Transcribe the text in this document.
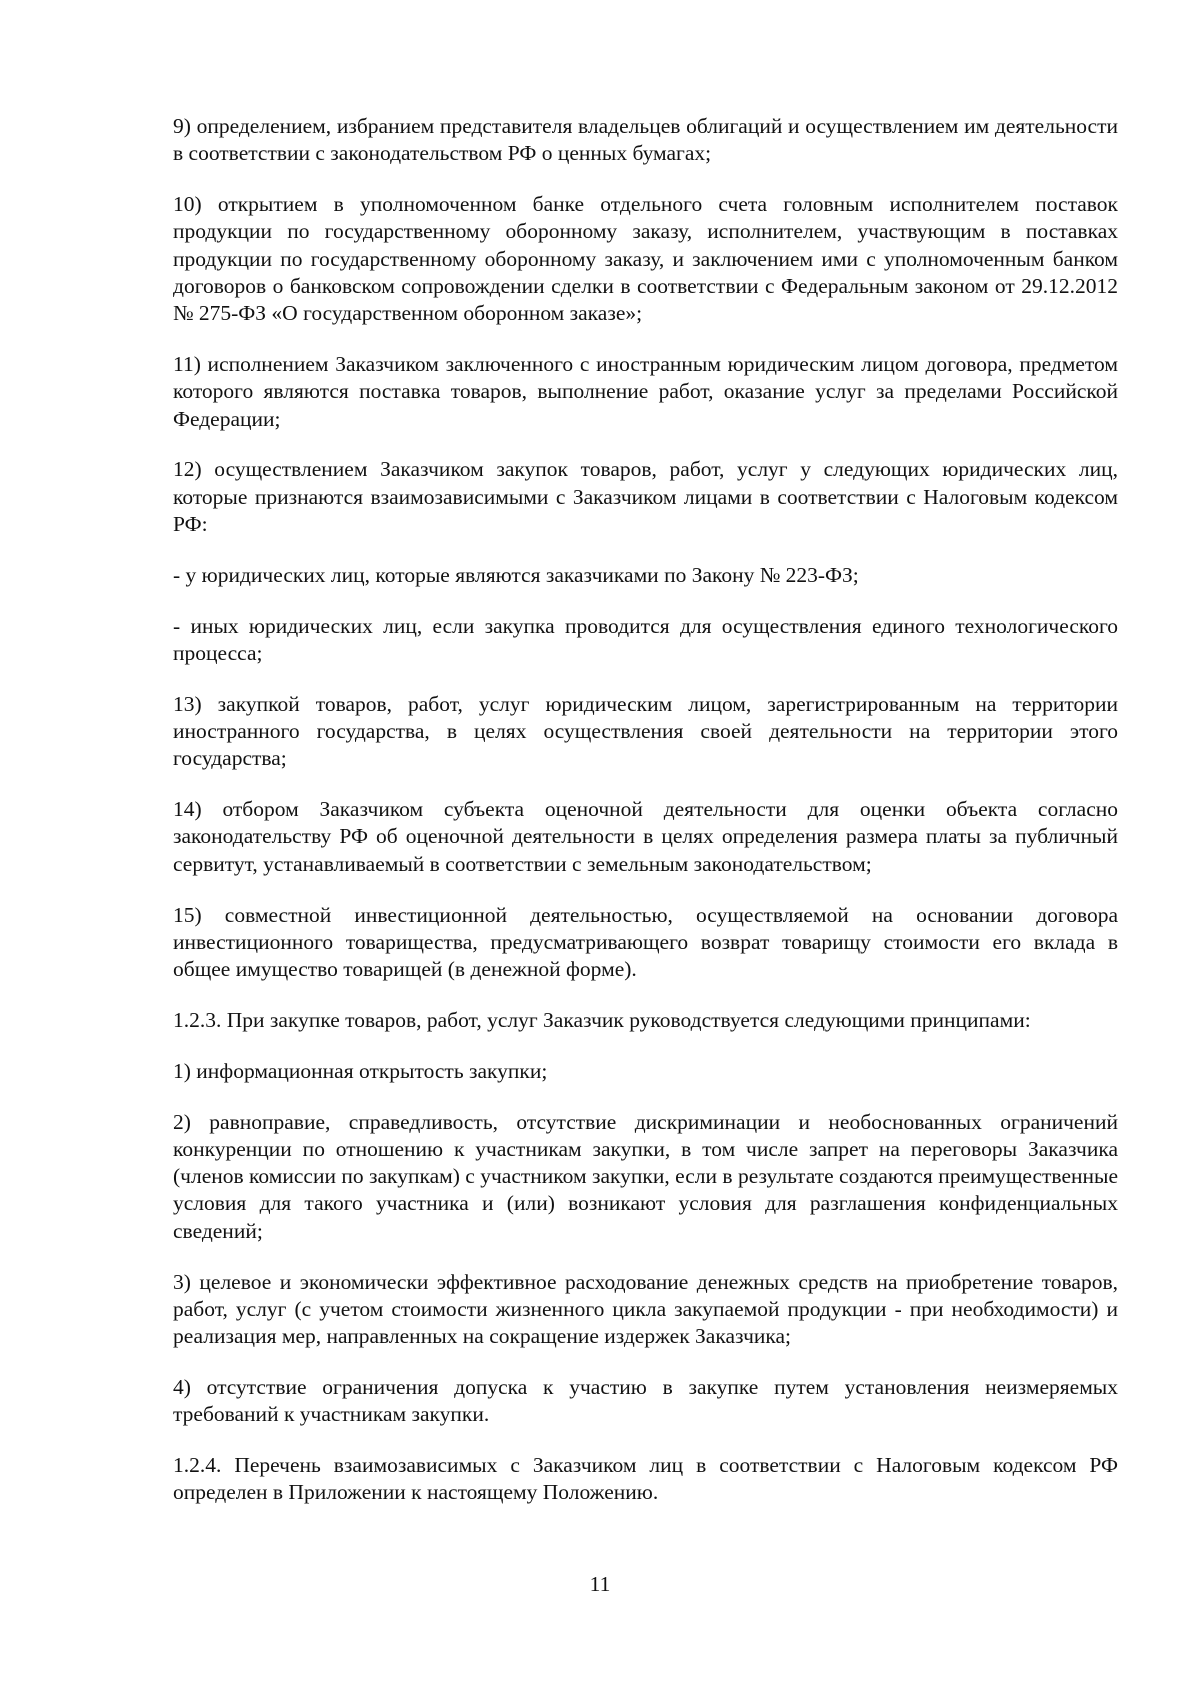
9) определением, избранием представителя владельцев облигаций и осуществлением им деятельности в соответствии с законодательством РФ о ценных бумагах;

10) открытием в уполномоченном банке отдельного счета головным исполнителем поставок продукции по государственному оборонному заказу, исполнителем, участвующим в поставках продукции по государственному оборонному заказу, и заключением ими с уполномоченным банком договоров о банковском сопровождении сделки в соответствии с Федеральным законом от 29.12.2012 № 275-ФЗ «О государственном оборонном заказе»;

11) исполнением Заказчиком заключенного с иностранным юридическим лицом договора, предметом которого являются поставка товаров, выполнение работ, оказание услуг за пределами Российской Федерации;

12) осуществлением Заказчиком закупок товаров, работ, услуг у следующих юридических лиц, которые признаются взаимозависимыми с Заказчиком лицами в соответствии с Налоговым кодексом РФ:

- у юридических лиц, которые являются заказчиками по Закону № 223-ФЗ;

- иных юридических лиц, если закупка проводится для осуществления единого технологического процесса;

13) закупкой товаров, работ, услуг юридическим лицом, зарегистрированным на территории иностранного государства, в целях осуществления своей деятельности на территории этого государства;

14) отбором Заказчиком субъекта оценочной деятельности для оценки объекта согласно законодательству РФ об оценочной деятельности в целях определения размера платы за публичный сервитут, устанавливаемый в соответствии с земельным законодательством;

15) совместной инвестиционной деятельностью, осуществляемой на основании договора инвестиционного товарищества, предусматривающего возврат товарищу стоимости его вклада в общее имущество товарищей (в денежной форме).

1.2.3. При закупке товаров, работ, услуг Заказчик руководствуется следующими принципами:

1) информационная открытость закупки;

2) равноправие, справедливость, отсутствие дискриминации и необоснованных ограничений конкуренции по отношению к участникам закупки, в том числе запрет на переговоры Заказчика (членов комиссии по закупкам) с участником закупки, если в результате создаются преимущественные условия для такого участника и (или) возникают условия для разглашения конфиденциальных сведений;

3) целевое и экономически эффективное расходование денежных средств на приобретение товаров, работ, услуг (с учетом стоимости жизненного цикла закупаемой продукции - при необходимости) и реализация мер, направленных на сокращение издержек Заказчика;

4) отсутствие ограничения допуска к участию в закупке путем установления неизмеряемых требований к участникам закупки.

1.2.4. Перечень взаимозависимых с Заказчиком лиц в соответствии с Налоговым кодексом РФ определен в Приложении к настоящему Положению.

11
